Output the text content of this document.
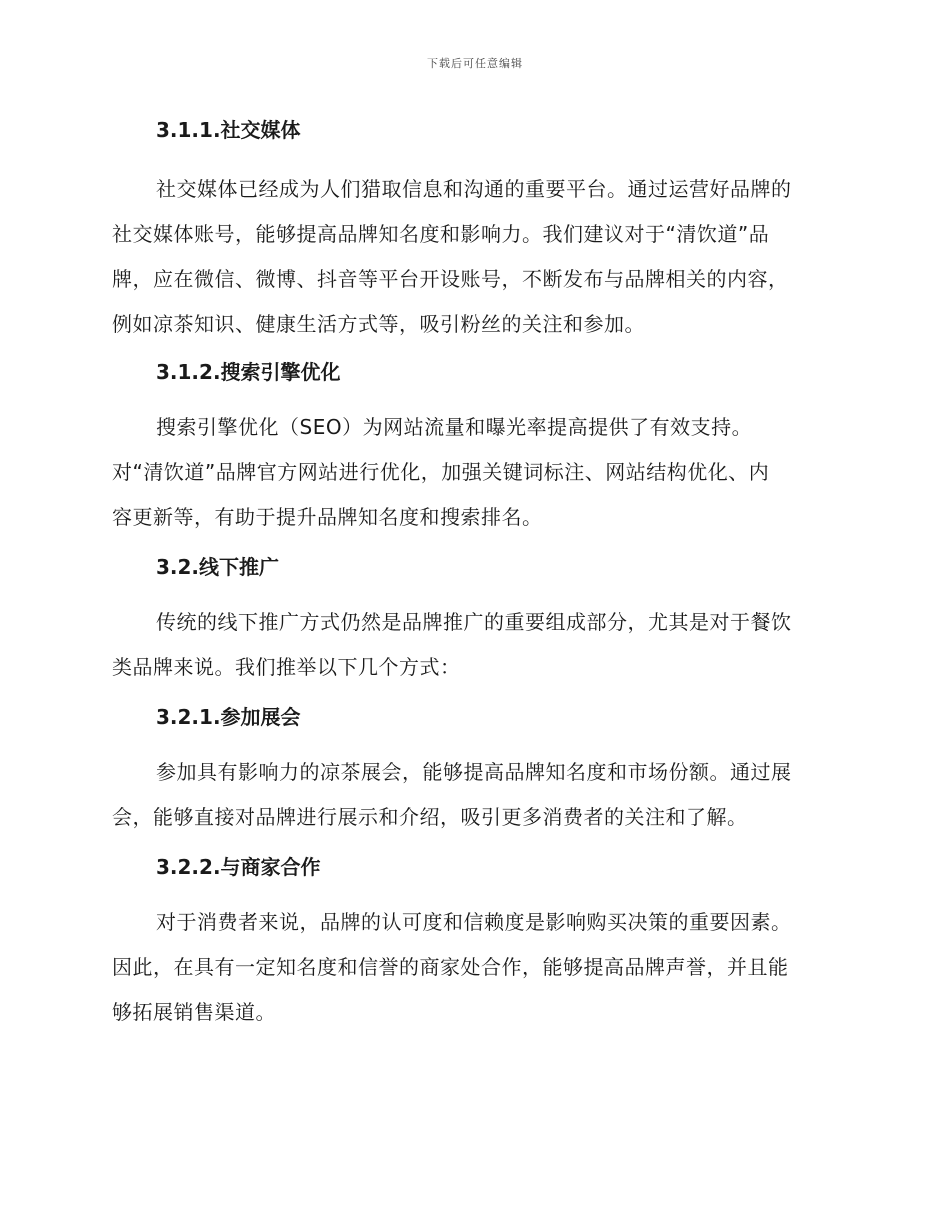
下载后可任意编辑
3.1.1.社交媒体
社交媒体已经成为人们猎取信息和沟通的重要平台。通过运营好品牌的
社交媒体账号，能够提高品牌知名度和影响力。我们建议对于“清饮道”品
牌，应在微信、微博、抖音等平台开设账号，不断发布与品牌相关的内容，
例如凉茶知识、健康生活方式等，吸引粉丝的关注和参加。
3.1.2.搜索引擎优化
搜索引擎优化（SEO）为网站流量和曝光率提高提供了有效支持。
对“清饮道”品牌官方网站进行优化，加强关键词标注、网站结构优化、内
容更新等，有助于提升品牌知名度和搜索排名。
3.2.线下推广
传统的线下推广方式仍然是品牌推广的重要组成部分，尤其是对于餐饮
类品牌来说。我们推举以下几个方式：
3.2.1.参加展会
参加具有影响力的凉茶展会，能够提高品牌知名度和市场份额。通过展
会，能够直接对品牌进行展示和介绍，吸引更多消费者的关注和了解。
3.2.2.与商家合作
对于消费者来说，品牌的认可度和信赖度是影响购买决策的重要因素。
因此，在具有一定知名度和信誉的商家处合作，能够提高品牌声誉，并且能
够拓展销售渠道。
